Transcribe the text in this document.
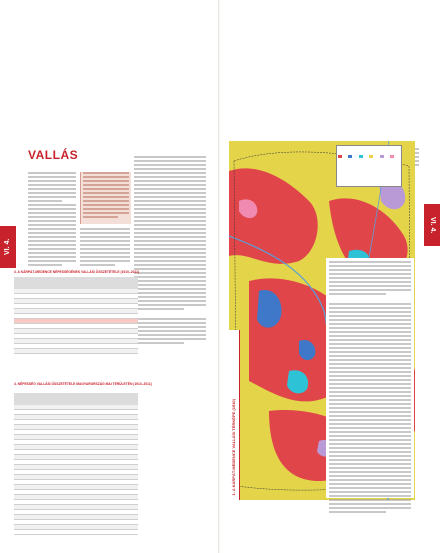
VI. 4.
VALLÁS
3. A KÁRPÁT-MEDENCE NÉPESSÉGÉNEK VALLÁSI ÖSSZETÉTELE (1910–2011)
4. NÉPESSÉG VALLÁSI ÖSSZETÉTELE MAGYARORSZÁG MAI TERÜLETÉN (1910–2011)
VI. 4.

1. A KÁRPÁT-MEDENCE VALLÁSI TÉRKÉPE (1910)
